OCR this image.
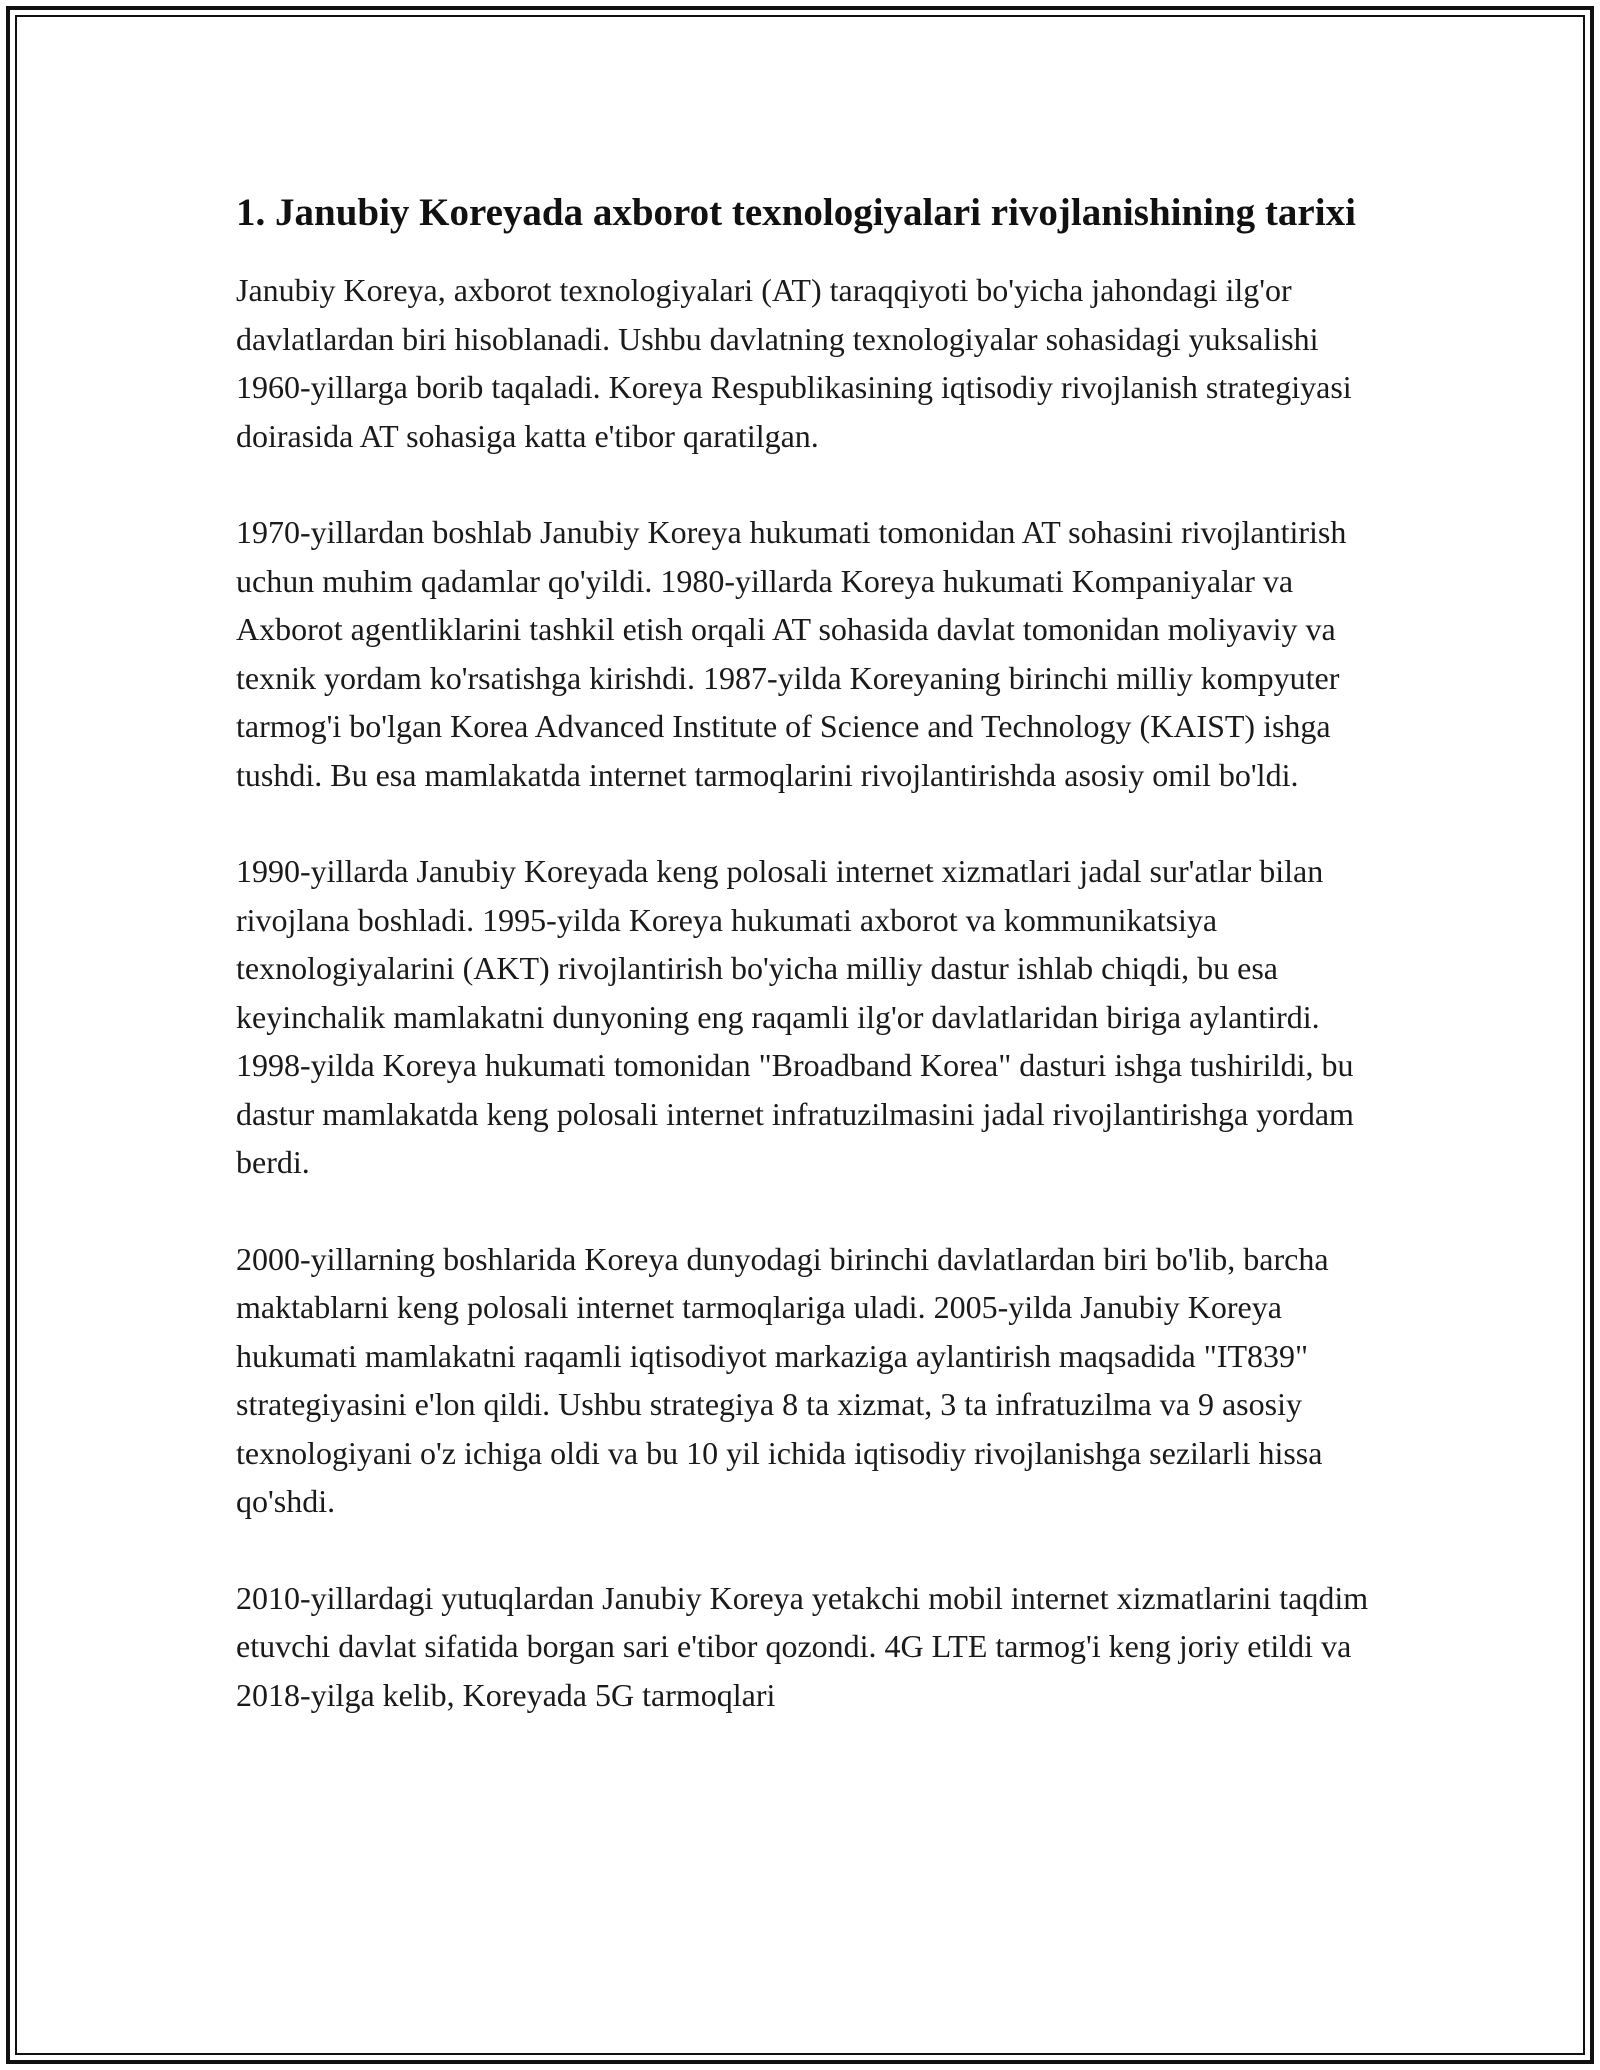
1. Janubiy Koreyada axborot texnologiyalari rivojlanishining tarixi

Janubiy Koreya, axborot texnologiyalari (AT) taraqqiyoti bo'yicha jahondagi ilg'or davlatlardan biri hisoblanadi. Ushbu davlatning texnologiyalar sohasidagi yuksalishi 1960-yillarga borib taqaladi. Koreya Respublikasining iqtisodiy rivojlanish strategiyasi doirasida AT sohasiga katta e'tibor qaratilgan.

1970-yillardan boshlab Janubiy Koreya hukumati tomonidan AT sohasini rivojlantirish uchun muhim qadamlar qo'yildi. 1980-yillarda Koreya hukumati Kompaniyalar va Axborot agentliklarini tashkil etish orqali AT sohasida davlat tomonidan moliyaviy va texnik yordam ko'rsatishga kirishdi. 1987-yilda Koreyaning birinchi milliy kompyuter tarmog'i bo'lgan Korea Advanced Institute of Science and Technology (KAIST) ishga tushdi. Bu esa mamlakatda internet tarmoqlarini rivojlantirishda asosiy omil bo'ldi.

1990-yillarda Janubiy Koreyada keng polosali internet xizmatlari jadal sur'atlar bilan rivojlana boshladi. 1995-yilda Koreya hukumati axborot va kommunikatsiya texnologiyalarini (AKT) rivojlantirish bo'yicha milliy dastur ishlab chiqdi, bu esa keyinchalik mamlakatni dunyoning eng raqamli ilg'or davlatlaridan biriga aylantirdi. 1998-yilda Koreya hukumati tomonidan "Broadband Korea" dasturi ishga tushirildi, bu dastur mamlakatda keng polosali internet infratuzilmasini jadal rivojlantirishga yordam berdi.

2000-yillarning boshlarida Koreya dunyodagi birinchi davlatlardan biri bo'lib, barcha maktablarni keng polosali internet tarmoqlariga uladi. 2005-yilda Janubiy Koreya hukumati mamlakatni raqamli iqtisodiyot markaziga aylantirish maqsadida "IT839" strategiyasini e'lon qildi. Ushbu strategiya 8 ta xizmat, 3 ta infratuzilma va 9 asosiy texnologiyani o'z ichiga oldi va bu 10 yil ichida iqtisodiy rivojlanishga sezilarli hissa qo'shdi.

2010-yillardagi yutuqlardan Janubiy Koreya yetakchi mobil internet xizmatlarini taqdim etuvchi davlat sifatida borgan sari e'tibor qozondi. 4G LTE tarmog'i keng joriy etildi va 2018-yilga kelib, Koreyada 5G tarmoqlari
